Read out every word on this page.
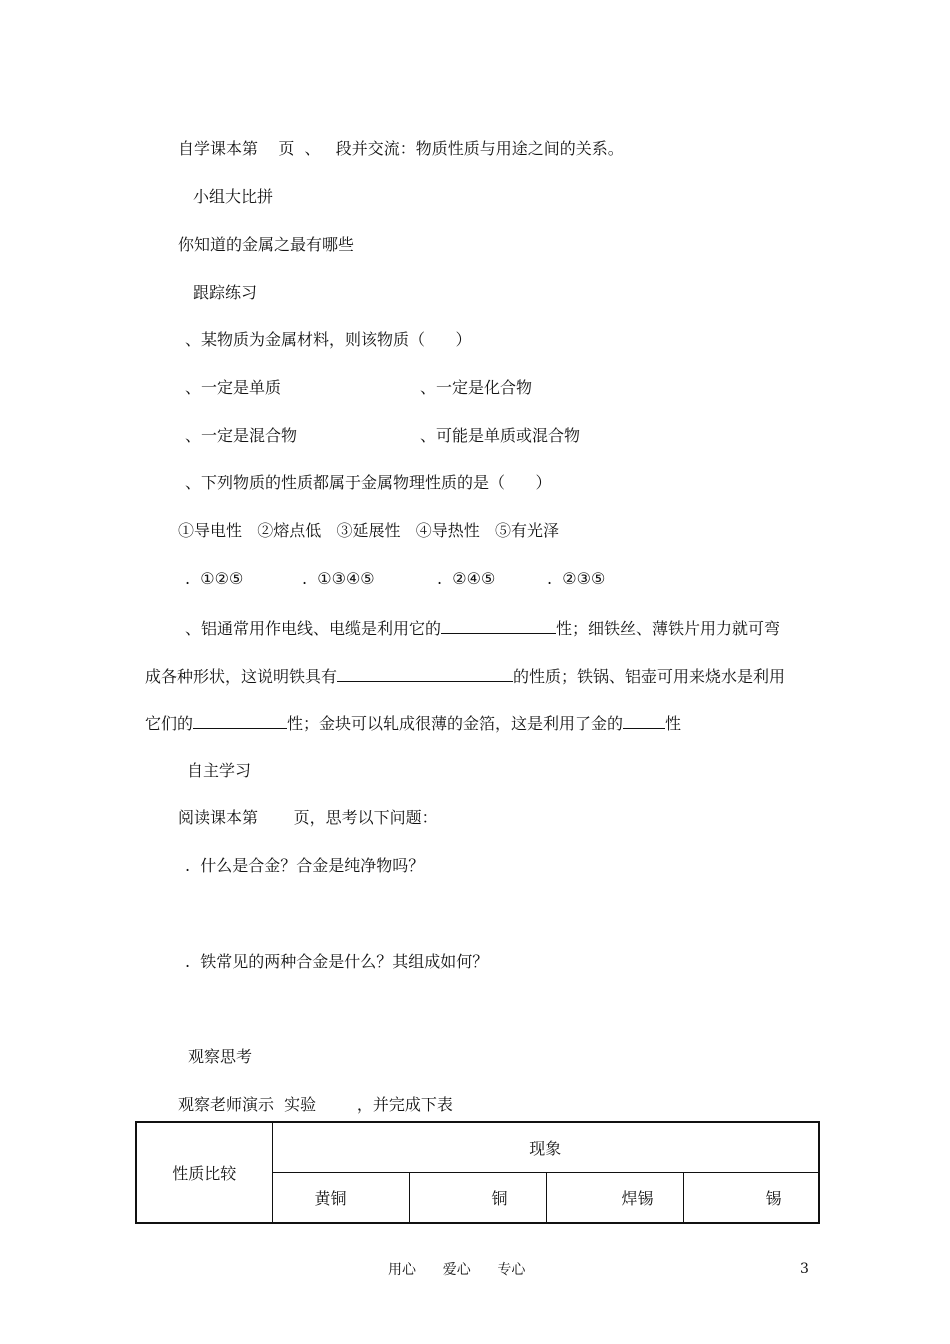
自学课本第    页  、   段并交流：物质性质与用途之间的关系。
小组大比拼
你知道的金属之最有哪些
跟踪练习
、某物质为金属材料，则该物质（      ）
、一定是单质	、一定是化合物
、一定是混合物	、可能是单质或混合物
、下列物质的性质都属于金属物理性质的是（      ）
①导电性   ②熔点低   ③延展性   ④导热性   ⑤有光泽
.  ①②⑤	.  ①③④⑤	.  ②④⑤	.  ②③⑤
、铝通常用作电线、电缆是利用它的	性；细铁丝、薄铁片用力就可弯
成各种形状，这说明铁具有	的性质；铁锅、铝壶可用来烧水是利用
它们的	性；金块可以轧成很薄的金箔，这是利用了金的	性
自主学习
阅读课本第       页，思考以下问题：
.  什么是合金？合金是纯净物吗？
.  铁常见的两种合金是什么？其组成如何？
观察思考
观察老师演示  实验        ，并完成下表
性质比较	现象			
	黄铜	铜	焊锡	锡
用心      爱心      专心	3
